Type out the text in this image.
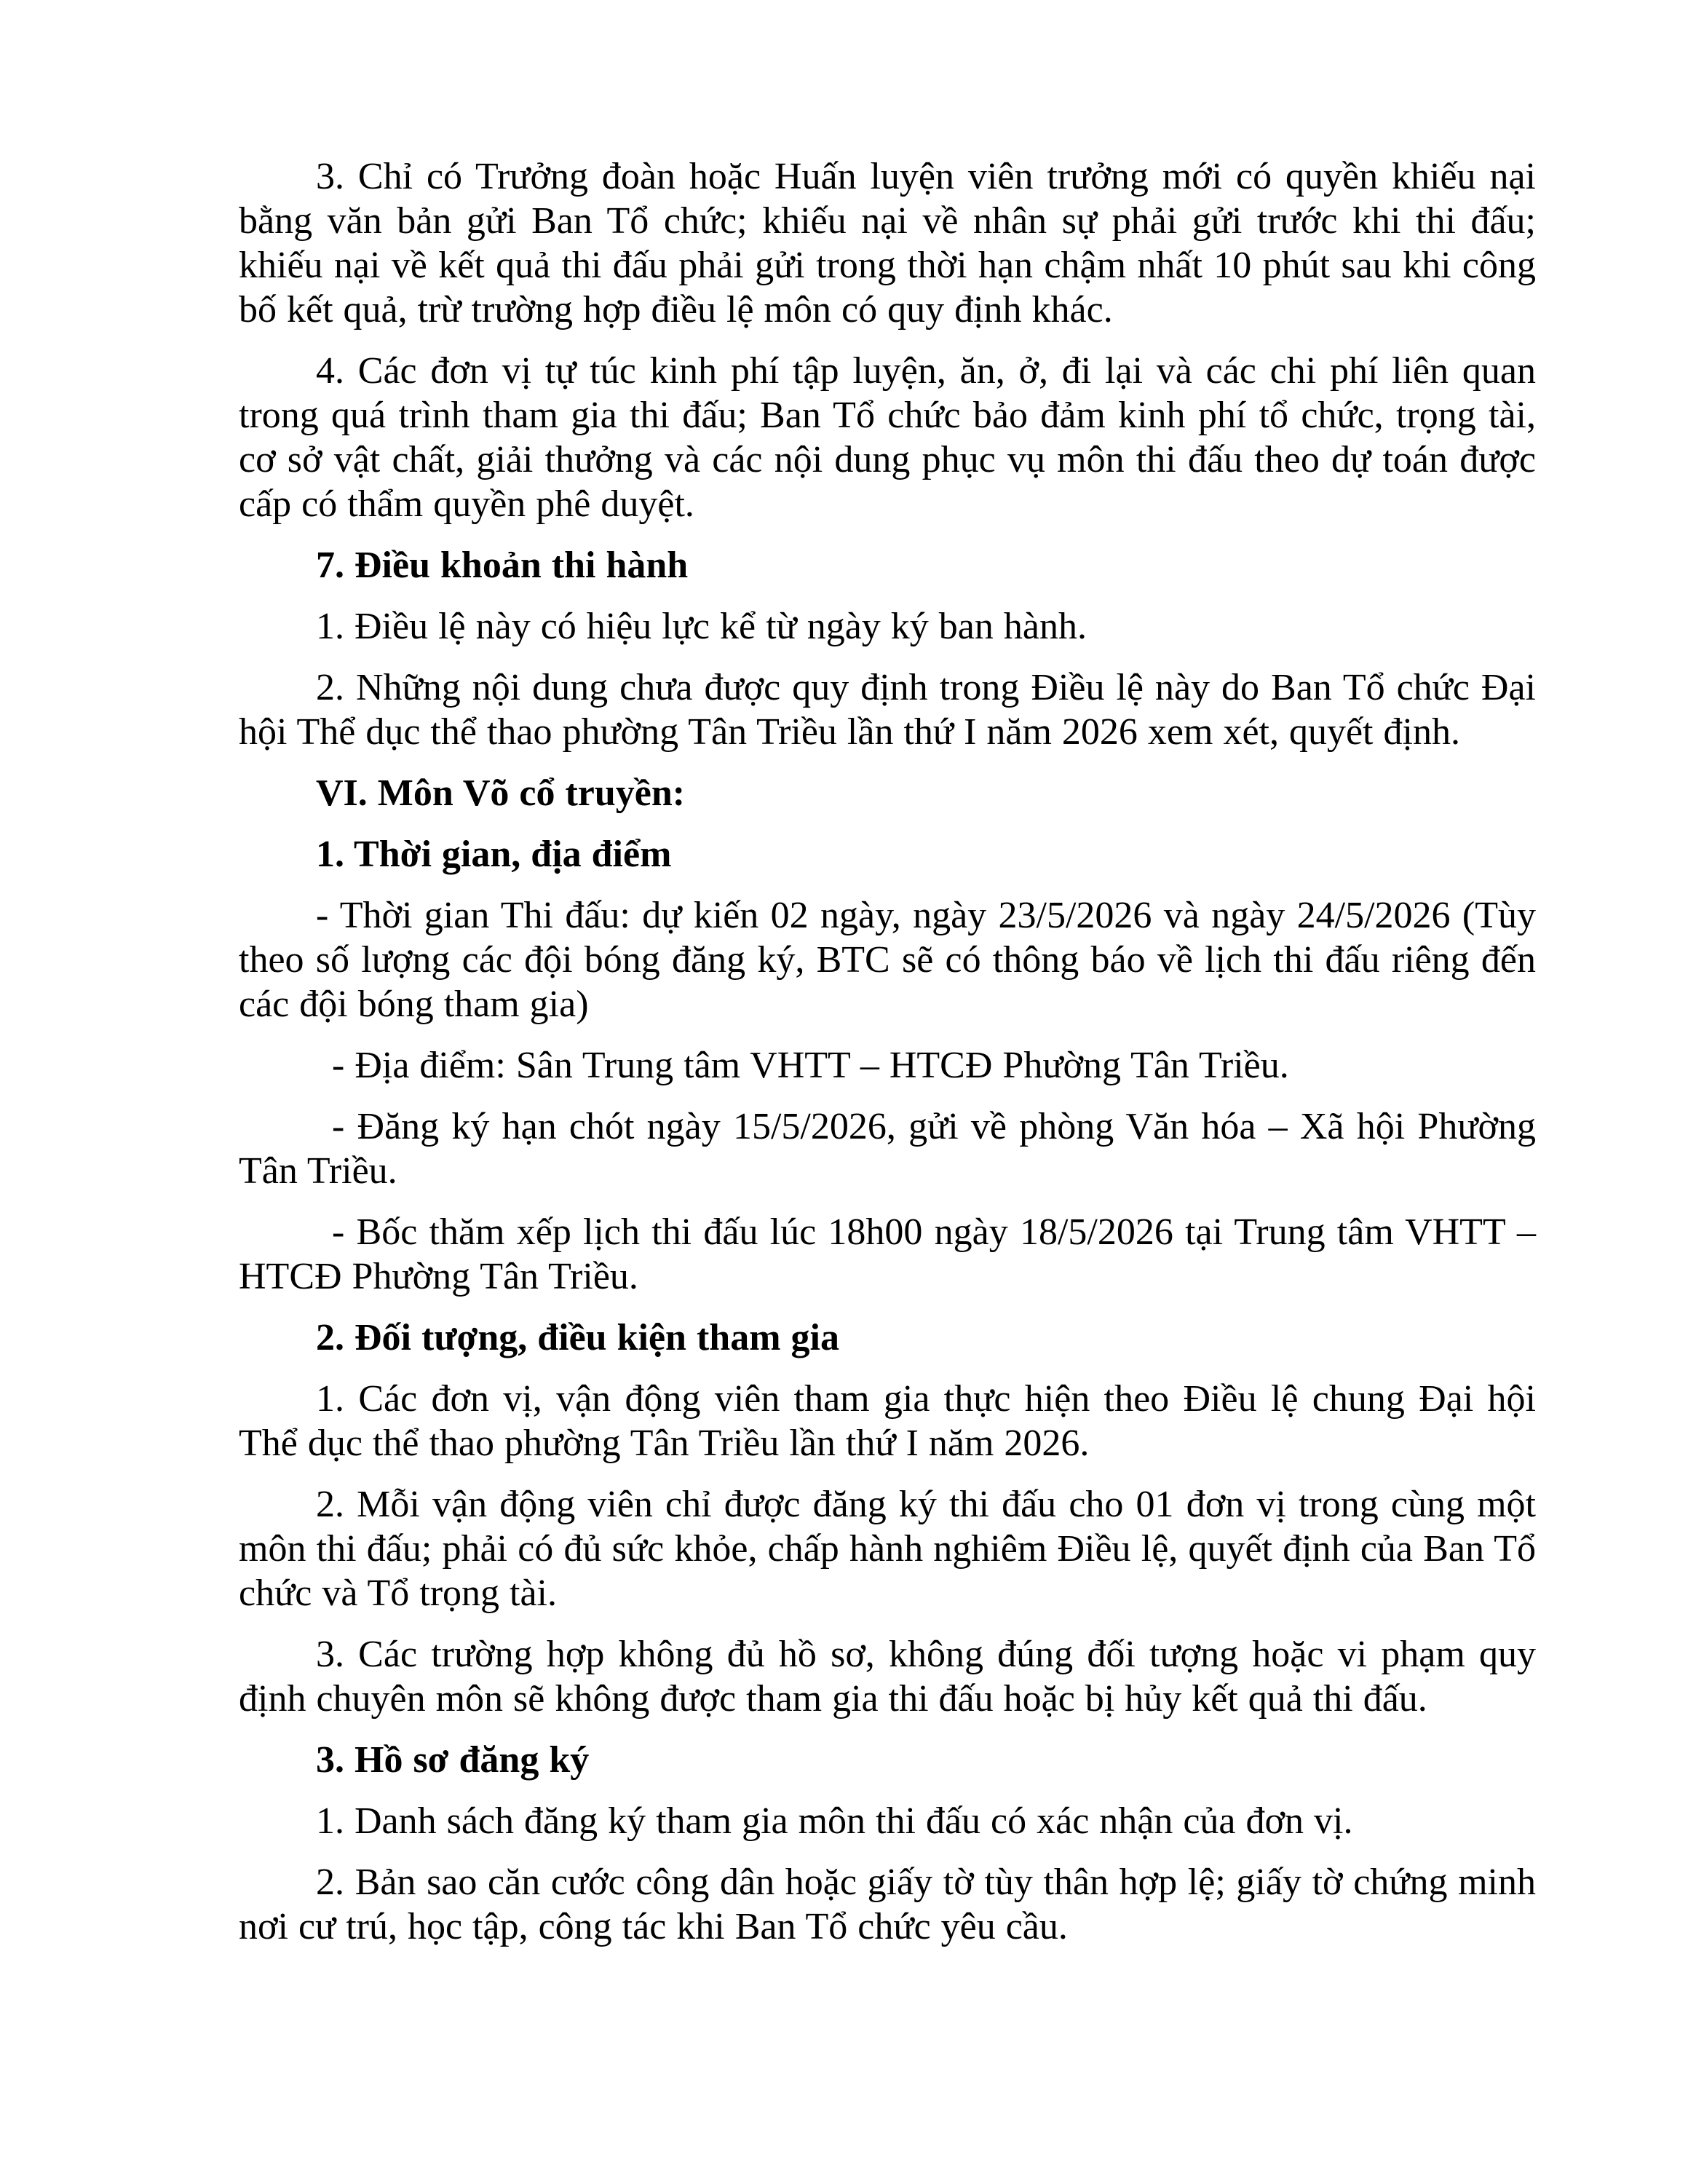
3. Chỉ có Trưởng đoàn hoặc Huấn luyện viên trưởng mới có quyền khiếu nại bằng văn bản gửi Ban Tổ chức; khiếu nại về nhân sự phải gửi trước khi thi đấu; khiếu nại về kết quả thi đấu phải gửi trong thời hạn chậm nhất 10 phút sau khi công bố kết quả, trừ trường hợp điều lệ môn có quy định khác.

4. Các đơn vị tự túc kinh phí tập luyện, ăn, ở, đi lại và các chi phí liên quan trong quá trình tham gia thi đấu; Ban Tổ chức bảo đảm kinh phí tổ chức, trọng tài, cơ sở vật chất, giải thưởng và các nội dung phục vụ môn thi đấu theo dự toán được cấp có thẩm quyền phê duyệt.

7. Điều khoản thi hành

1. Điều lệ này có hiệu lực kể từ ngày ký ban hành.

2. Những nội dung chưa được quy định trong Điều lệ này do Ban Tổ chức Đại hội Thể dục thể thao phường Tân Triều lần thứ I năm 2026 xem xét, quyết định.

VI. Môn Võ cổ truyền:

1. Thời gian, địa điểm

- Thời gian Thi đấu: dự kiến 02 ngày, ngày 23/5/2026 và ngày 24/5/2026 (Tùy theo số lượng các đội bóng đăng ký, BTC sẽ có thông báo về lịch thi đấu riêng đến các đội bóng tham gia)

- Địa điểm: Sân Trung tâm VHTT – HTCĐ Phường Tân Triều.

- Đăng ký hạn chót ngày 15/5/2026, gửi về phòng Văn hóa – Xã hội Phường Tân Triều.

- Bốc thăm xếp lịch thi đấu lúc 18h00 ngày 18/5/2026 tại Trung tâm VHTT – HTCĐ Phường Tân Triều.

2. Đối tượng, điều kiện tham gia

1. Các đơn vị, vận động viên tham gia thực hiện theo Điều lệ chung Đại hội Thể dục thể thao phường Tân Triều lần thứ I năm 2026.

2. Mỗi vận động viên chỉ được đăng ký thi đấu cho 01 đơn vị trong cùng một môn thi đấu; phải có đủ sức khỏe, chấp hành nghiêm Điều lệ, quyết định của Ban Tổ chức và Tổ trọng tài.

3. Các trường hợp không đủ hồ sơ, không đúng đối tượng hoặc vi phạm quy định chuyên môn sẽ không được tham gia thi đấu hoặc bị hủy kết quả thi đấu.

3. Hồ sơ đăng ký

1. Danh sách đăng ký tham gia môn thi đấu có xác nhận của đơn vị.

2. Bản sao căn cước công dân hoặc giấy tờ tùy thân hợp lệ; giấy tờ chứng minh nơi cư trú, học tập, công tác khi Ban Tổ chức yêu cầu.
